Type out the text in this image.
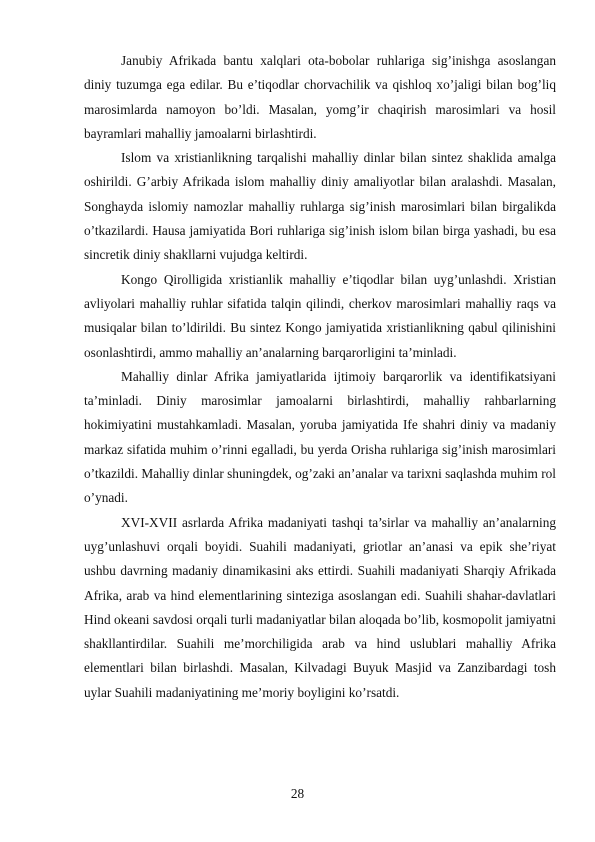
Janubiy Afrikada bantu xalqlari ota-bobolar ruhlariga sig’inishga asoslangan diniy tuzumga ega edilar. Bu e’tiqodlar chorvachilik va qishloq xo’jaligi bilan bog’liq marosimlarda namoyon bo’ldi. Masalan, yomg’ir chaqirish marosimlari va hosil bayramlari mahalliy jamoalarni birlashtirdi.

Islom va xristianlikning tarqalishi mahalliy dinlar bilan sintez shaklida amalga oshirildi. G’arbiy Afrikada islom mahalliy diniy amaliyotlar bilan aralashdi. Masalan, Songhayda islomiy namozlar mahalliy ruhlarga sig’inish marosimlari bilan birgalikda o’tkazilardi. Hausa jamiyatida Bori ruhlariga sig’inish islom bilan birga yashadi, bu esa sincretik diniy shakllarni vujudga keltirdi.

Kongo Qirolligida xristianlik mahalliy e’tiqodlar bilan uyg’unlashdi. Xristian avliyolari mahalliy ruhlar sifatida talqin qilindi, cherkov marosimlari mahalliy raqs va musiqalar bilan to’ldirildi. Bu sintez Kongo jamiyatida xristianlikning qabul qilinishini osonlashtirdi, ammo mahalliy an’analarning barqarorligini ta’minladi.

Mahalliy dinlar Afrika jamiyatlarida ijtimoiy barqarorlik va identifikatsiyani ta’minladi. Diniy marosimlar jamoalarni birlashtirdi, mahalliy rahbarlarning hokimiyatini mustahkamladi. Masalan, yoruba jamiyatida Ife shahri diniy va madaniy markaz sifatida muhim o’rinni egalladi, bu yerda Orisha ruhlariga sig’inish marosimlari o’tkazildi. Mahalliy dinlar shuningdek, og’zaki an’analar va tarixni saqlashda muhim rol o’ynadi.

XVI-XVII asrlarda Afrika madaniyati tashqi ta’sirlar va mahalliy an’analarning uyg’unlashuvi orqali boyidi. Suahili madaniyati, griotlar an’anasi va epik she’riyat ushbu davrning madaniy dinamikasini aks ettirdi. Suahili madaniyati Sharqiy Afrikada Afrika, arab va hind elementlarining sinteziga asoslangan edi. Suahili shahar-davlatlari Hind okeani savdosi orqali turli madaniyatlar bilan aloqada bo’lib, kosmopolit jamiyatni shakllantirdilar. Suahili me’morchiligida arab va hind uslublari mahalliy Afrika elementlari bilan birlashdi. Masalan, Kilvadagi Buyuk Masjid va Zanzibardagi tosh uylar Suahili madaniyatining me’moriy boyligini ko’rsatdi.

28
